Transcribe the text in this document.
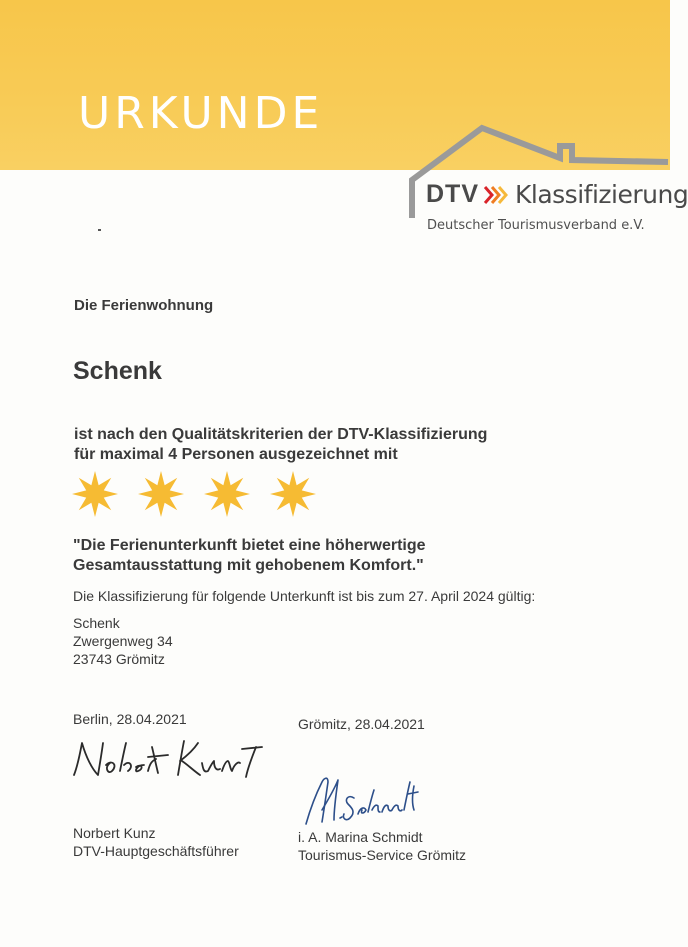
URKUNDE
DTV Klassifizierung
Deutscher Tourismusverband e.V.
Die Ferienwohnung
Schenk
ist nach den Qualitätskriterien der DTV-Klassifizierung
für maximal 4 Personen ausgezeichnet mit
"Die Ferienunterkunft bietet eine höherwertige
Gesamtausstattung mit gehobenem Komfort."
Die Klassifizierung für folgende Unterkunft ist bis zum 27. April 2024 gültig:
Schenk
Zwergenweg 34
23743 Grömitz
Berlin, 28.04.2021	Grömitz, 28.04.2021
Norbert Kunz
DTV-Hauptgeschäftsführer
i. A. Marina Schmidt
Tourismus-Service Grömitz
